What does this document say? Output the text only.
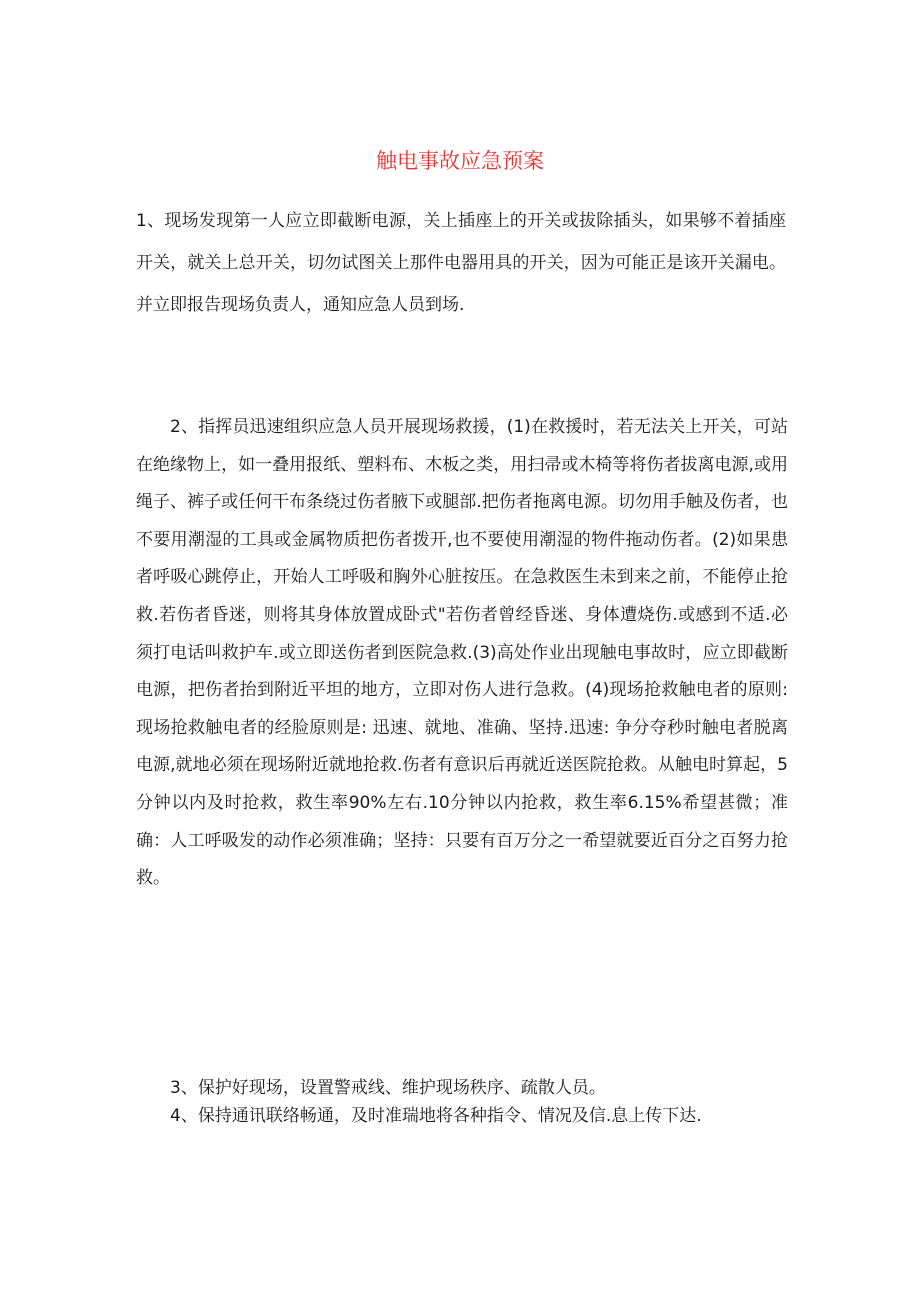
触电事故应急预案

1、现场发现第一人应立即截断电源，关上插座上的开关或拔除插头，如果够不着插座开关，就关上总开关，切勿试图关上那件电器用具的开关，因为可能正是该开关漏电。并立即报告现场负责人，通知应急人员到场.

2、指挥员迅速组织应急人员开展现场救援，(1)在救援时，若无法关上开关，可站在绝缘物上，如一叠用报纸、塑料布、木板之类，用扫帚或木椅等将伤者拔离电源,或用绳子、裤子或任何干布条绕过伤者腋下或腿部.把伤者拖离电源。切勿用手触及伤者，也不要用潮湿的工具或金属物质把伤者拨开,也不要使用潮湿的物件拖动伤者。(2)如果患者呼吸心跳停止，开始人工呼吸和胸外心脏按压。在急救医生未到来之前，不能停止抢救.若伤者昏迷，则将其身体放置成卧式"若伤者曾经昏迷、身体遭烧伤.或感到不适.必须打电话叫救护车.或立即送伤者到医院急救.(3)高处作业出现触电事故时，应立即截断电源，把伤者抬到附近平坦的地方，立即对伤人进行急救。(4)现场抢救触电者的原则: 现场抢救触电者的经脸原则是: 迅速、就地、准确、坚持.迅速: 争分夺秒时触电者脱离电源,就地必须在现场附近就地抢救.伤者有意识后再就近送医院抢救。从触电时算起，5分钟以内及时抢救，救生率90%左右.10分钟以内抢救，救生率6.15%希望甚微；准确：人工呼吸发的动作必须准确；坚持：只要有百万分之一希望就要近百分之百努力抢救。

3、保护好现场，设置警戒线、维护现场秩序、疏散人员。

4、保持通讯联络畅通，及时准瑞地将各种指令、情况及信.息上传下达.
